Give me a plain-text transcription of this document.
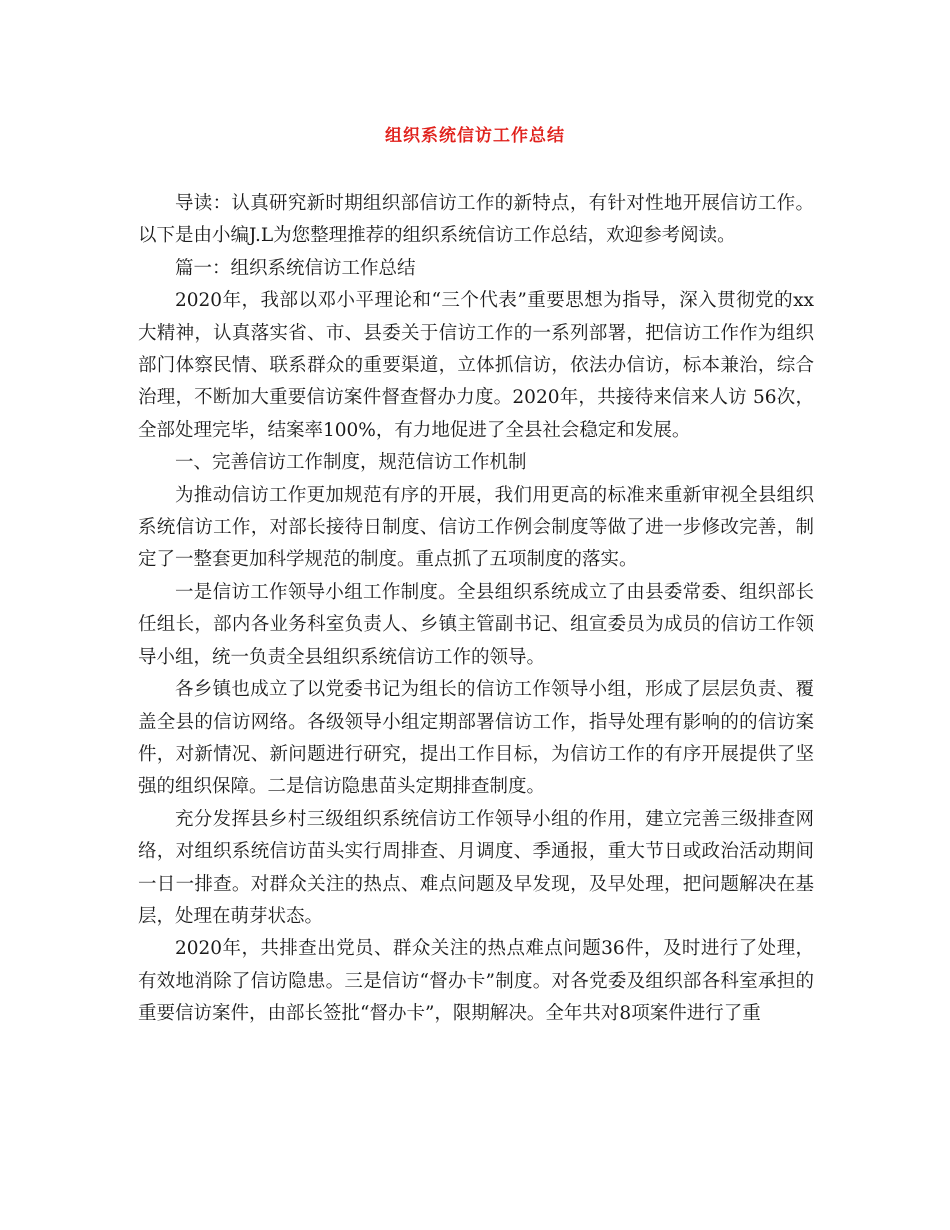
组织系统信访工作总结

导读：认真研究新时期组织部信访工作的新特点，有针对性地开展信访工作。以下是由小编J.L为您整理推荐的组织系统信访工作总结，欢迎参考阅读。

篇一：组织系统信访工作总结

2020年，我部以邓小平理论和“三个代表”重要思想为指导，深入贯彻党的xx大精神，认真落实省、市、县委关于信访工作的一系列部署，把信访工作作为组织部门体察民情、联系群众的重要渠道，立体抓信访，依法办信访，标本兼治，综合治理，不断加大重要信访案件督查督办力度。2020年，共接待来信来人访 56次，全部处理完毕，结案率100%，有力地促进了全县社会稳定和发展。

一、完善信访工作制度，规范信访工作机制

为推动信访工作更加规范有序的开展，我们用更高的标准来重新审视全县组织系统信访工作，对部长接待日制度、信访工作例会制度等做了进一步修改完善，制定了一整套更加科学规范的制度。重点抓了五项制度的落实。

一是信访工作领导小组工作制度。全县组织系统成立了由县委常委、组织部长任组长，部内各业务科室负责人、乡镇主管副书记、组宣委员为成员的信访工作领导小组，统一负责全县组织系统信访工作的领导。

各乡镇也成立了以党委书记为组长的信访工作领导小组，形成了层层负责、覆盖全县的信访网络。各级领导小组定期部署信访工作，指导处理有影响的的信访案件，对新情况、新问题进行研究，提出工作目标，为信访工作的有序开展提供了坚强的组织保障。二是信访隐患苗头定期排查制度。

充分发挥县乡村三级组织系统信访工作领导小组的作用，建立完善三级排查网络，对组织系统信访苗头实行周排查、月调度、季通报，重大节日或政治活动期间一日一排查。对群众关注的热点、难点问题及早发现，及早处理，把问题解决在基层，处理在萌芽状态。

2020年，共排查出党员、群众关注的热点难点问题36件，及时进行了处理，有效地消除了信访隐患。三是信访“督办卡”制度。对各党委及组织部各科室承担的重要信访案件，由部长签批“督办卡”，限期解决。全年共对8项案件进行了重
